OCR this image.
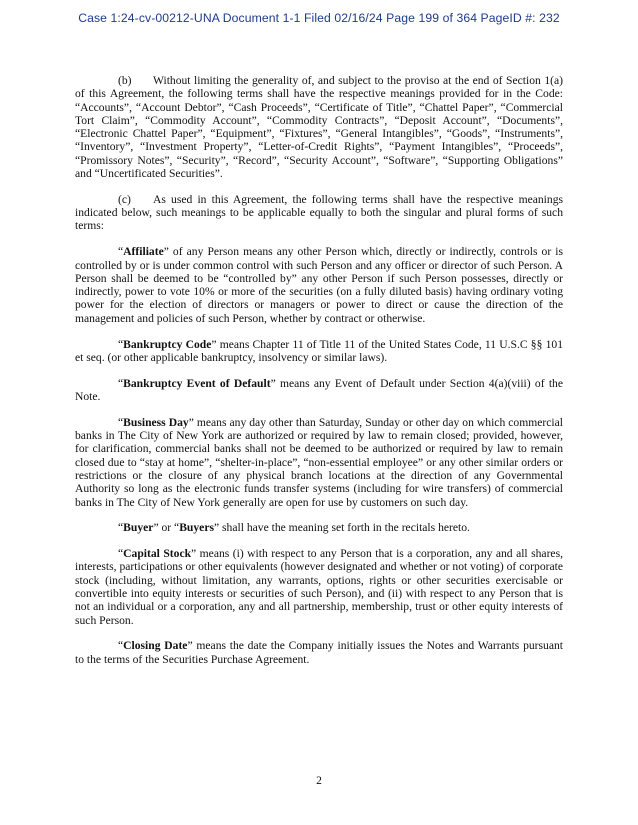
Case 1:24-cv-00212-UNA Document 1-1 Filed 02/16/24 Page 199 of 364 PageID #: 232

(b) Without limiting the generality of, and subject to the proviso at the end of Section 1(a) of this Agreement, the following terms shall have the respective meanings provided for in the Code: “Accounts”, “Account Debtor”, “Cash Proceeds”, “Certificate of Title”, “Chattel Paper”, “Commercial Tort Claim”, “Commodity Account”, “Commodity Contracts”, “Deposit Account”, “Documents”, “Electronic Chattel Paper”, “Equipment”, “Fixtures”, “General Intangibles”, “Goods”, “Instruments”, “Inventory”, “Investment Property”, “Letter-of-Credit Rights”, “Payment Intangibles”, “Proceeds”, “Promissory Notes”, “Security”, “Record”, “Security Account”, “Software”, “Supporting Obligations” and “Uncertificated Securities”.

(c) As used in this Agreement, the following terms shall have the respective meanings indicated below, such meanings to be applicable equally to both the singular and plural forms of such terms:

“Affiliate” of any Person means any other Person which, directly or indirectly, controls or is controlled by or is under common control with such Person and any officer or director of such Person. A Person shall be deemed to be “controlled by” any other Person if such Person possesses, directly or indirectly, power to vote 10% or more of the securities (on a fully diluted basis) having ordinary voting power for the election of directors or managers or power to direct or cause the direction of the management and policies of such Person, whether by contract or otherwise.

“Bankruptcy Code” means Chapter 11 of Title 11 of the United States Code, 11 U.S.C §§ 101 et seq. (or other applicable bankruptcy, insolvency or similar laws).

“Bankruptcy Event of Default” means any Event of Default under Section 4(a)(viii) of the Note.

“Business Day” means any day other than Saturday, Sunday or other day on which commercial banks in The City of New York are authorized or required by law to remain closed; provided, however, for clarification, commercial banks shall not be deemed to be authorized or required by law to remain closed due to “stay at home”, “shelter-in-place”, “non-essential employee” or any other similar orders or restrictions or the closure of any physical branch locations at the direction of any Governmental Authority so long as the electronic funds transfer systems (including for wire transfers) of commercial banks in The City of New York generally are open for use by customers on such day.

“Buyer” or “Buyers” shall have the meaning set forth in the recitals hereto.

“Capital Stock” means (i) with respect to any Person that is a corporation, any and all shares, interests, participations or other equivalents (however designated and whether or not voting) of corporate stock (including, without limitation, any warrants, options, rights or other securities exercisable or convertible into equity interests or securities of such Person), and (ii) with respect to any Person that is not an individual or a corporation, any and all partnership, membership, trust or other equity interests of such Person.

“Closing Date” means the date the Company initially issues the Notes and Warrants pursuant to the terms of the Securities Purchase Agreement.

2
